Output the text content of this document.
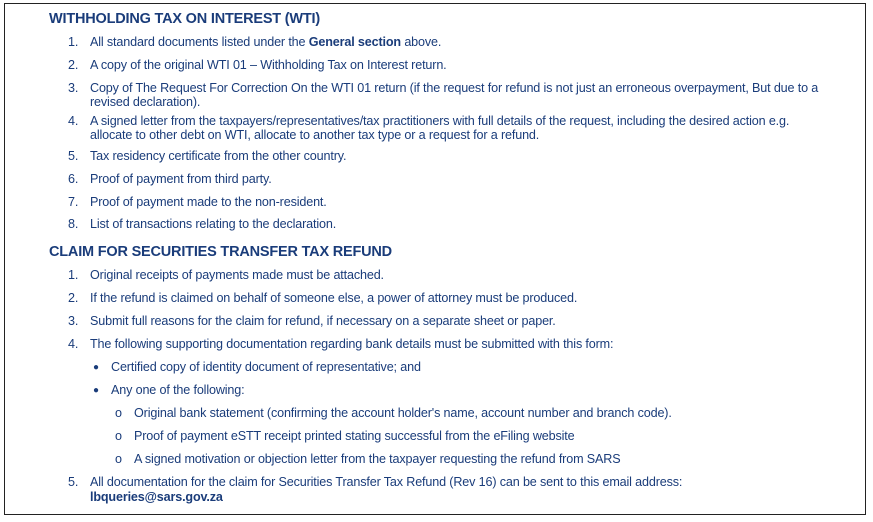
WITHHOLDING TAX ON INTEREST (WTI)
1. All standard documents listed under the General section above.
2. A copy of the original WTI 01 – Withholding Tax on Interest return.
3. Copy of The Request For Correction On the WTI 01 return (if the request for refund is not just an erroneous overpayment, But due to a
revised declaration).
4. A signed letter from the taxpayers/representatives/tax practitioners with full details of the request, including the desired action e.g.
allocate to other debt on WTI, allocate to another tax type or a request for a refund.
5. Tax residency certificate from the other country.
6. Proof of payment from third party.
7. Proof of payment made to the non-resident.
8. List of transactions relating to the declaration.
CLAIM FOR SECURITIES TRANSFER TAX REFUND
1. Original receipts of payments made must be attached.
2. If the refund is claimed on behalf of someone else, a power of attorney must be produced.
3. Submit full reasons for the claim for refund, if necessary on a separate sheet or paper.
4. The following supporting documentation regarding bank details must be submitted with this form:
● Certified copy of identity document of representative; and
● Any one of the following:
o Original bank statement (confirming the account holder's name, account number and branch code).
o Proof of payment eSTT receipt printed stating successful from the eFiling website
o A signed motivation or objection letter from the taxpayer requesting the refund from SARS
5. All documentation for the claim for Securities Transfer Tax Refund (Rev 16) can be sent to this email address:
lbqueries@sars.gov.za
